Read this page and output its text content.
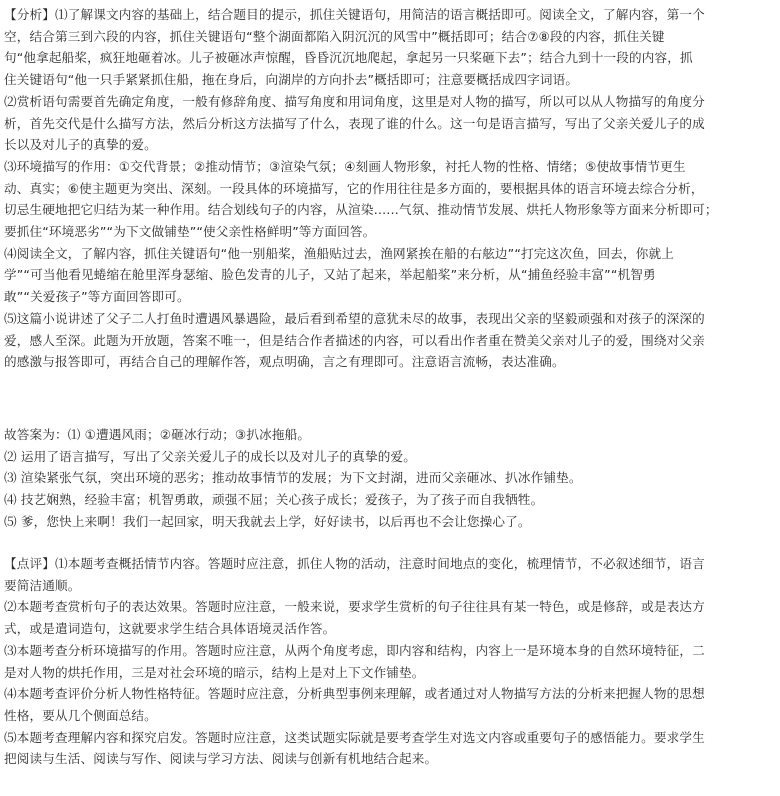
【分析】⑴了解课文内容的基础上，结合题目的提示，抓住关键语句，用简洁的语言概括即可。阅读全文，了解内容，第一个
空，结合第三到六段的内容，抓住关键语句“整个湖面都陷入阴沉沉的风雪中”概括即可；结合⑦⑧段的内容，抓住关键
句“他拿起船桨，疯狂地砸着冰。儿子被砸冰声惊醒，昏昏沉沉地爬起，拿起另一只桨砸下去”；结合九到十一段的内容，抓
住关键语句“他一只手紧紧抓住船，拖在身后，向湖岸的方向扑去”概括即可；注意要概括成四字词语。

⑵赏析语句需要首先确定角度，一般有修辞角度、描写角度和用词角度，这里是对人物的描写，所以可以从人物描写的角度分
析，首先交代是什么描写方法，然后分析这方法描写了什么，表现了谁的什么。这一句是语言描写，写出了父亲关爱儿子的成
长以及对儿子的真挚的爱。

⑶环境描写的作用：①交代背景；②推动情节；③渲染气氛；④刻画人物形象，衬托人物的性格、情绪；⑤使故事情节更生
动、真实；⑥使主题更为突出、深刻。一段具体的环境描写，它的作用往往是多方面的，要根据具体的语言环境去综合分析，
切忌生硬地把它归结为某一种作用。结合划线句子的内容，从渲染……气氛、推动情节发展、烘托人物形象等方面来分析即可；
要抓住“环境恶劣”“为下文做铺垫”“使父亲性格鲜明”等方面回答。

⑷阅读全文，了解内容，抓住关键语句“他一别船桨，渔船贴过去，渔网紧挨在船的右舷边”“打完这次鱼，回去，你就上
学”“可当他看见蜷缩在舱里浑身瑟缩、脸色发青的儿子，又站了起来，举起船桨”来分析，从“捕鱼经验丰富”“机智勇
敢”“关爱孩子”等方面回答即可。

⑸这篇小说讲述了父子二人打鱼时遭遇风暴遇险，最后看到希望的意犹未尽的故事，表现出父亲的坚毅顽强和对孩子的深深的
爱，感人至深。此题为开放题，答案不唯一，但是结合作者描述的内容，可以看出作者重在赞美父亲对儿子的爱，围绕对父亲
的感激与报答即可，再结合自己的理解作答，观点明确，言之有理即可。注意语言流畅，表达准确。

故答案为：⑴ ①遭遇风雨；②砸冰行动；③扒冰拖船。
⑵ 运用了语言描写，写出了父亲关爱儿子的成长以及对儿子的真挚的爱。
⑶ 渲染紧张气氛，突出环境的恶劣；推动故事情节的发展；为下文封湖，进而父亲砸冰、扒冰作铺垫。
⑷ 技艺娴熟，经验丰富；机智勇敢，顽强不屈；关心孩子成长；爱孩子，为了孩子而自我牺牲。
⑸ 爹，您快上来啊！我们一起回家，明天我就去上学，好好读书，以后再也不会让您操心了。

【点评】⑴本题考查概括情节内容。答题时应注意，抓住人物的活动，注意时间地点的变化，梳理情节，不必叙述细节，语言
要简洁通顺。

⑵本题考查赏析句子的表达效果。答题时应注意，一般来说，要求学生赏析的句子往往具有某一特色，或是修辞，或是表达方
式，或是遣词造句，这就要求学生结合具体语境灵活作答。

⑶本题考查分析环境描写的作用。答题时应注意，从两个角度考虑，即内容和结构，内容上一是环境本身的自然环境特征，二
是对人物的烘托作用，三是对社会环境的暗示，结构上是对上下文作铺垫。

⑷本题考查评价分析人物性格特征。答题时应注意，分析典型事例来理解，或者通过对人物描写方法的分析来把握人物的思想
性格，要从几个侧面总结。

⑸本题考查理解内容和探究启发。答题时应注意，这类试题实际就是要考查学生对选文内容或重要句子的感悟能力。要求学生
把阅读与生活、阅读与写作、阅读与学习方法、阅读与创新有机地结合起来。
